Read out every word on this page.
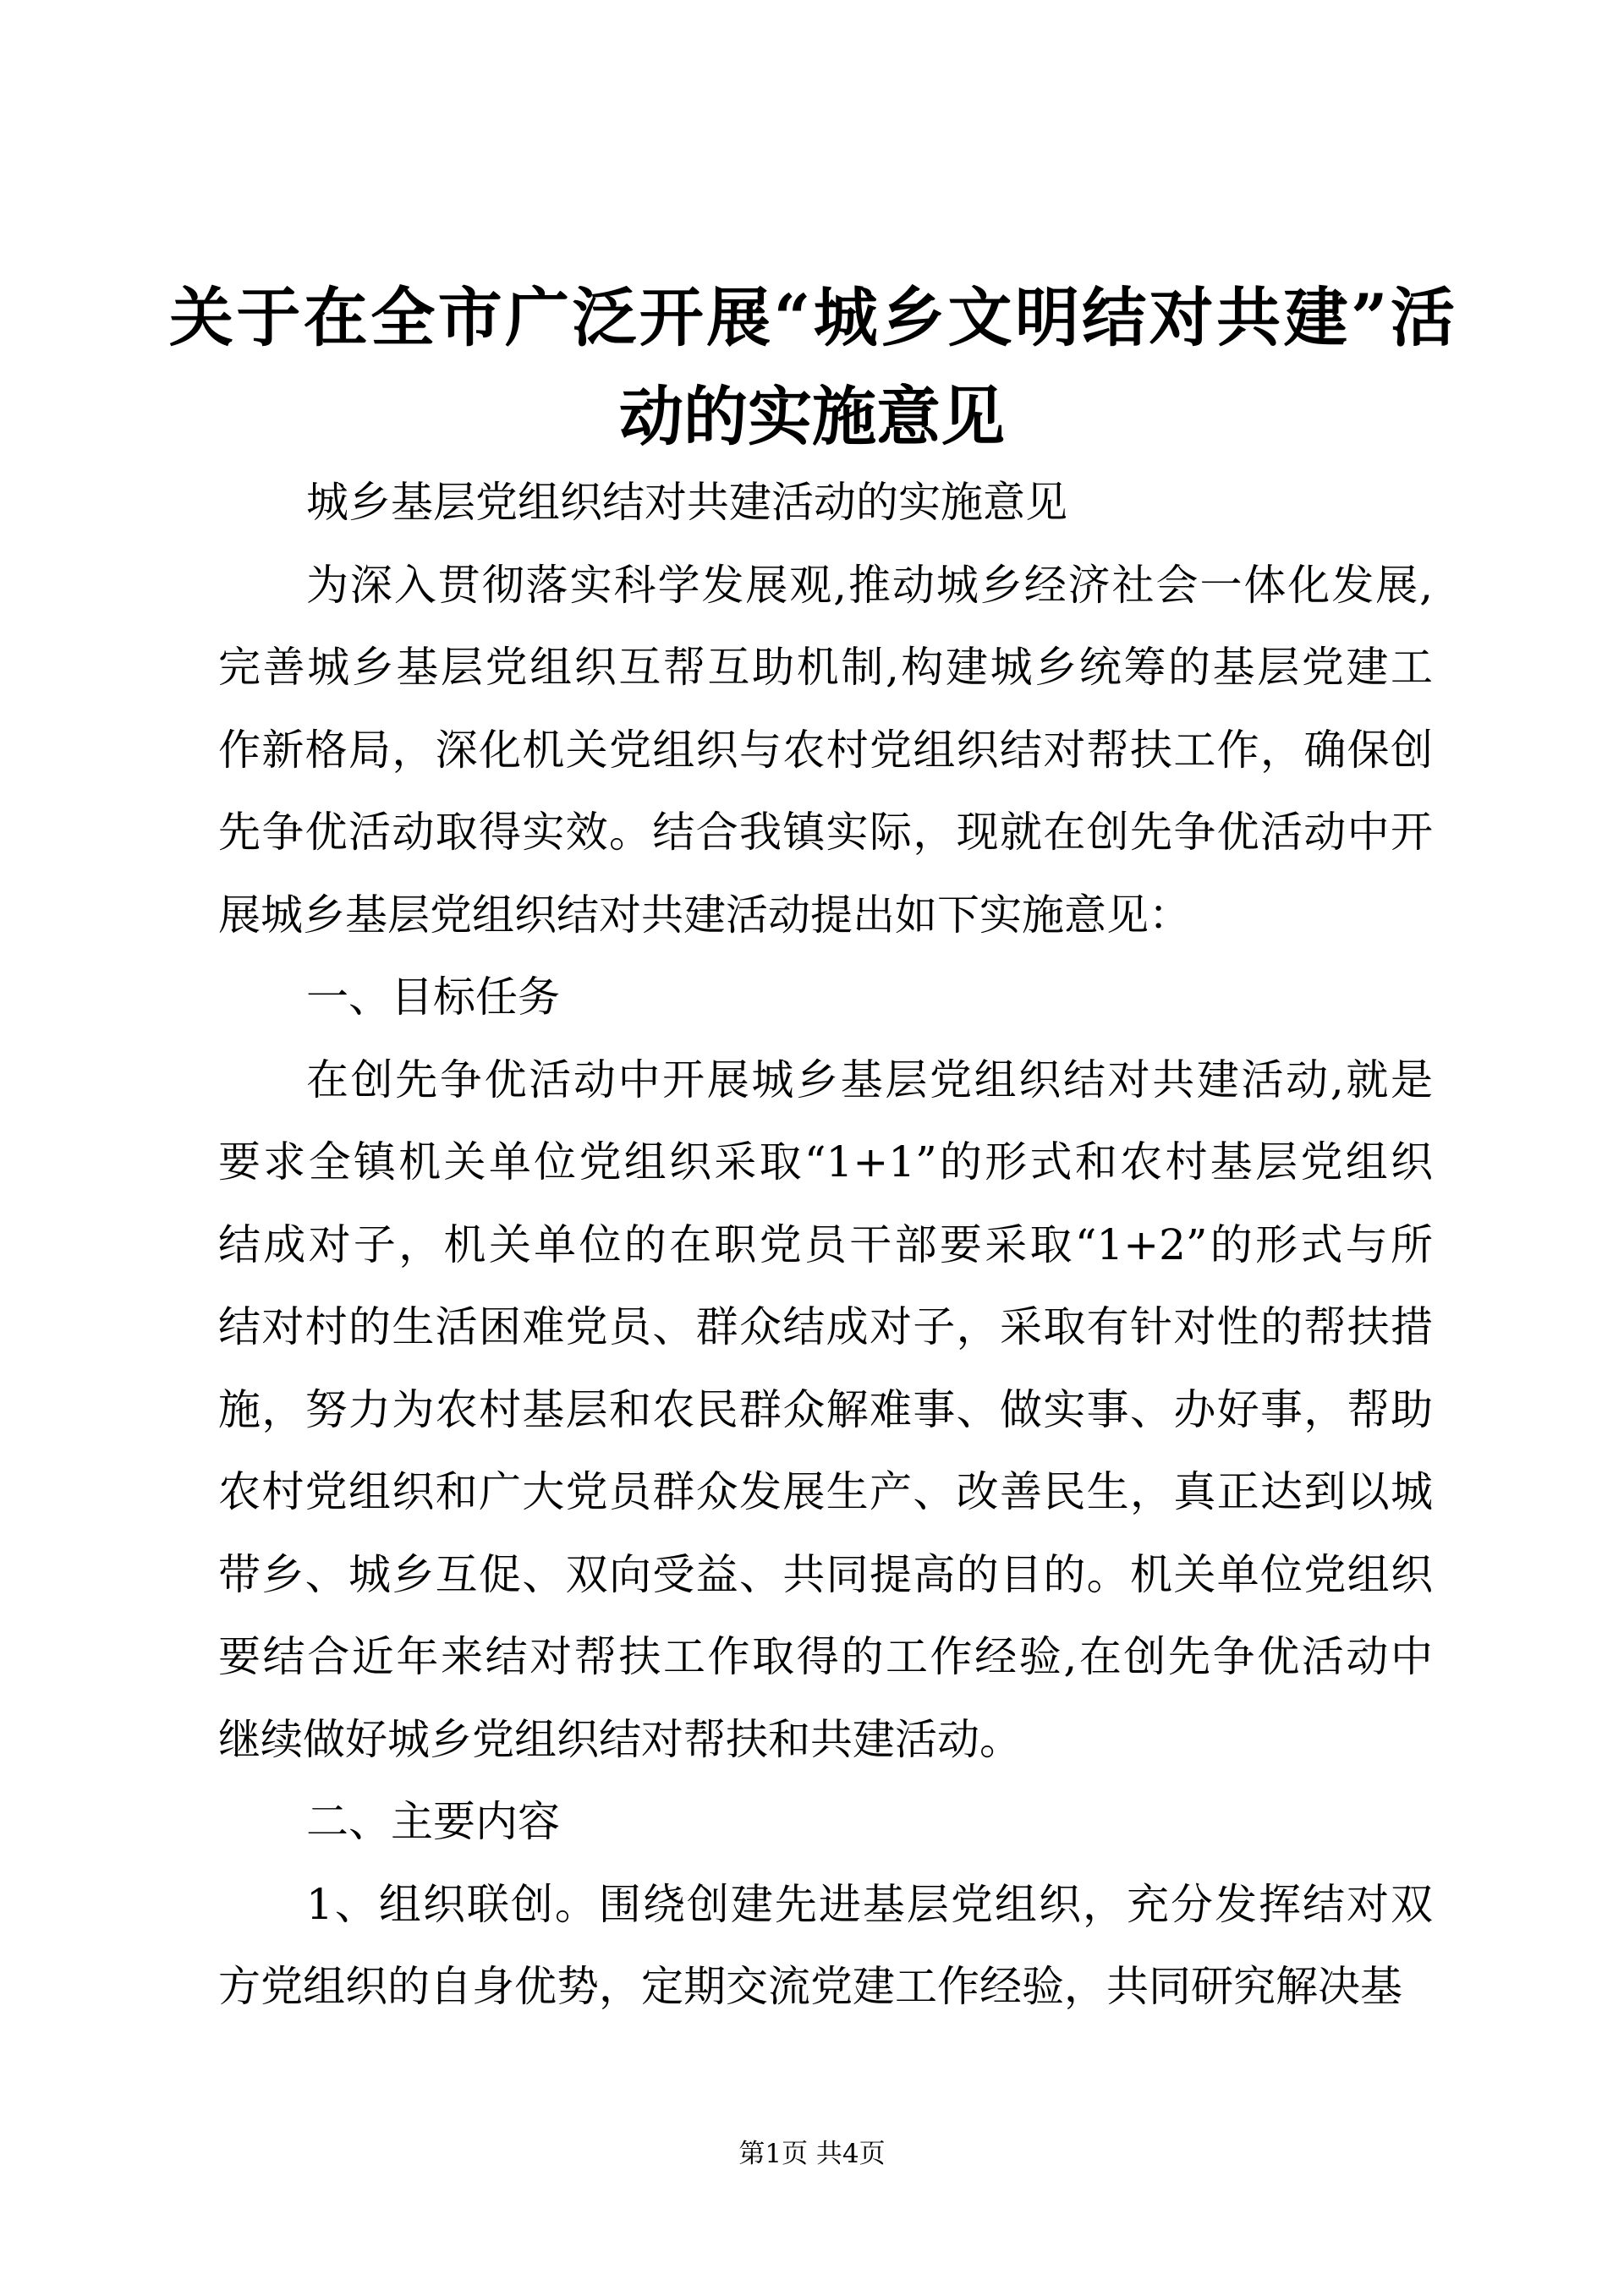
关于在全市广泛开展“城乡文明结对共建”活
动的实施意见
城乡基层党组织结对共建活动的实施意见
为深入贯彻落实科学发展观,推动城乡经济社会一体化发展,
完善城乡基层党组织互帮互助机制,构建城乡统筹的基层党建工
作新格局，深化机关党组织与农村党组织结对帮扶工作，确保创
先争优活动取得实效。结合我镇实际，现就在创先争优活动中开
展城乡基层党组织结对共建活动提出如下实施意见：
一、目标任务
在创先争优活动中开展城乡基层党组织结对共建活动,就是
要求全镇机关单位党组织采取“1+1”的形式和农村基层党组织
结成对子，机关单位的在职党员干部要采取“1+2”的形式与所
结对村的生活困难党员、群众结成对子，采取有针对性的帮扶措
施，努力为农村基层和农民群众解难事、做实事、办好事，帮助
农村党组织和广大党员群众发展生产、改善民生，真正达到以城
带乡、城乡互促、双向受益、共同提高的目的。机关单位党组织
要结合近年来结对帮扶工作取得的工作经验,在创先争优活动中
继续做好城乡党组织结对帮扶和共建活动。
二、主要内容
1、组织联创。围绕创建先进基层党组织，充分发挥结对双
方党组织的自身优势，定期交流党建工作经验，共同研究解决基
第1页 共4页
